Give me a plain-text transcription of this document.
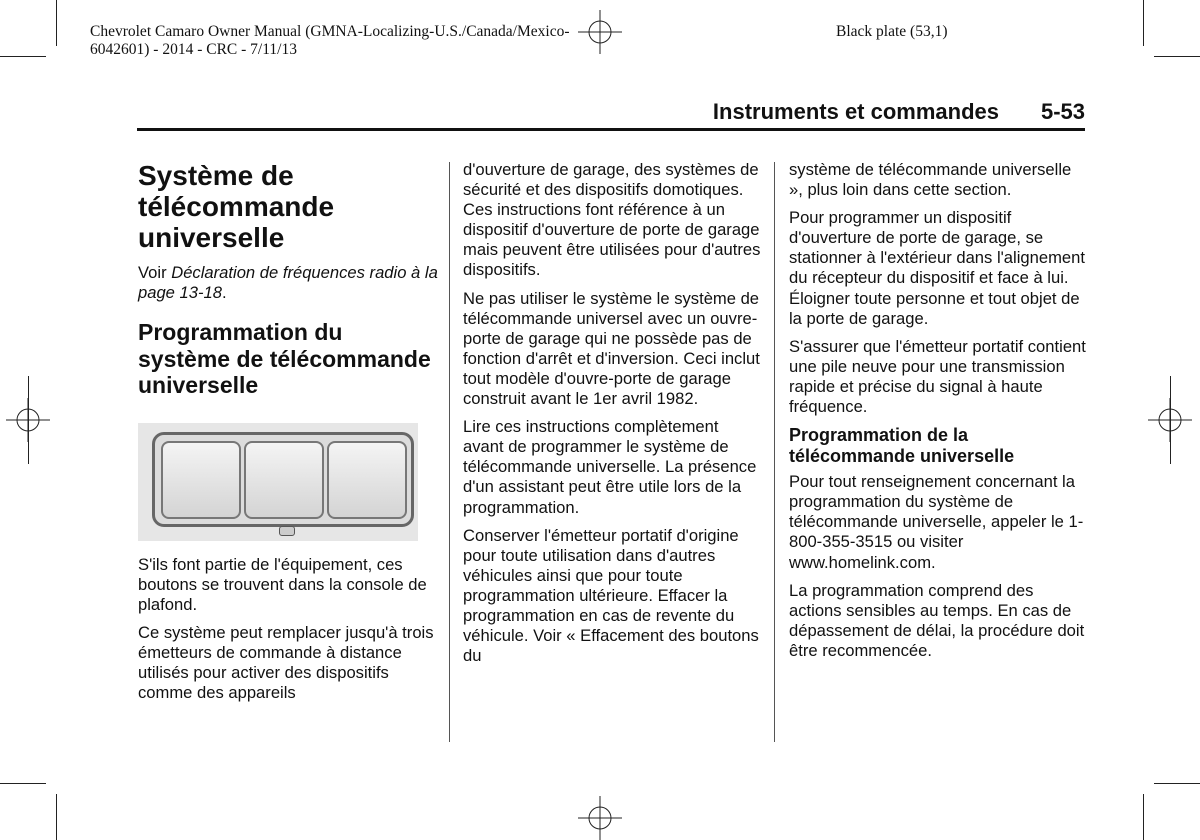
Chevrolet Camaro Owner Manual (GMNA-Localizing-U.S./Canada/Mexico-
6042601) - 2014 - CRC - 7/11/13
Black plate (53,1)
Instruments et commandes 5-53
Système de télécommande universelle

Voir Déclaration de fréquences radio à la page 13-18.

Programmation du système de télécommande universelle

S'ils font partie de l'équipement, ces boutons se trouvent dans la console de plafond.

Ce système peut remplacer jusqu'à trois émetteurs de commande à distance utilisés pour activer des dispositifs comme des appareils

d'ouverture de garage, des systèmes de sécurité et des dispositifs domotiques. Ces instructions font référence à un dispositif d'ouverture de porte de garage mais peuvent être utilisées pour d'autres dispositifs.

Ne pas utiliser le système le système de télécommande universel avec un ouvre-porte de garage qui ne possède pas de fonction d'arrêt et d'inversion. Ceci inclut tout modèle d'ouvre-porte de garage construit avant le 1er avril 1982.

Lire ces instructions complètement avant de programmer le système de télécommande universelle. La présence d'un assistant peut être utile lors de la programmation.

Conserver l'émetteur portatif d'origine pour toute utilisation dans d'autres véhicules ainsi que pour toute programmation ultérieure. Effacer la programmation en cas de revente du véhicule. Voir « Effacement des boutons du

système de télécommande universelle », plus loin dans cette section.

Pour programmer un dispositif d'ouverture de porte de garage, se stationner à l'extérieur dans l'alignement du récepteur du dispositif et face à lui. Éloigner toute personne et tout objet de la porte de garage.

S'assurer que l'émetteur portatif contient une pile neuve pour une transmission rapide et précise du signal à haute fréquence.

Programmation de la télécommande universelle

Pour tout renseignement concernant la programmation du système de télécommande universelle, appeler le 1-800-355-3515 ou visiter www.homelink.com.

La programmation comprend des actions sensibles au temps. En cas de dépassement de délai, la procédure doit être recommencée.
